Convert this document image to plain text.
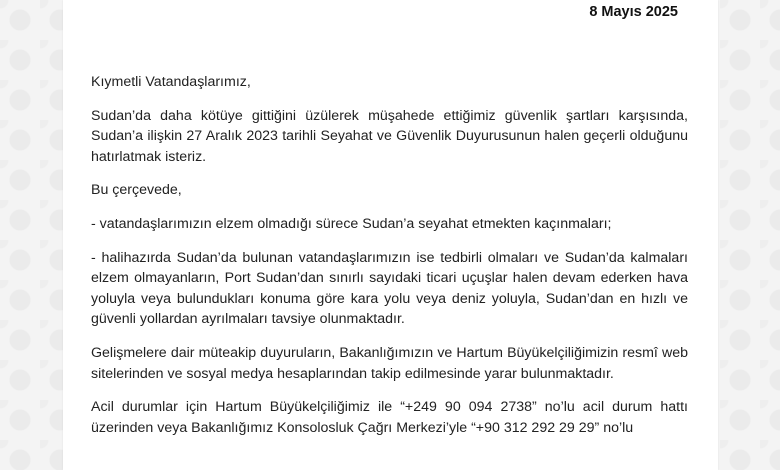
8 Mayıs 2025

Kıymetli Vatandaşlarımız,

Sudan’da daha kötüye gittiğini üzülerek müşahede ettiğimiz güvenlik şartları karşısında, Sudan’a ilişkin 27 Aralık 2023 tarihli Seyahat ve Güvenlik Duyurusunun halen geçerli olduğunu hatırlatmak isteriz.

Bu çerçevede,

- vatandaşlarımızın elzem olmadığı sürece Sudan’a seyahat etmekten kaçınmaları;

- halihazırda Sudan’da bulunan vatandaşlarımızın ise tedbirli olmaları ve Sudan’da kalmaları elzem olmayanların, Port Sudan’dan sınırlı sayıdaki ticari uçuşlar halen devam ederken hava yoluyla veya bulundukları konuma göre kara yolu veya deniz yoluyla, Sudan’dan en hızlı ve güvenli yollardan ayrılmaları tavsiye olunmaktadır.

Gelişmelere dair müteakip duyuruların, Bakanlığımızın ve Hartum Büyükelçiliğimizin resmî web sitelerinden ve sosyal medya hesaplarından takip edilmesinde yarar bulunmaktadır.

Acil durumlar için Hartum Büyükelçiliğimiz ile “+249 90 094 2738” no’lu acil durum hattı üzerinden veya Bakanlığımız Konsolosluk Çağrı Merkezi’yle “+90 312 292 29 29” no’lu
